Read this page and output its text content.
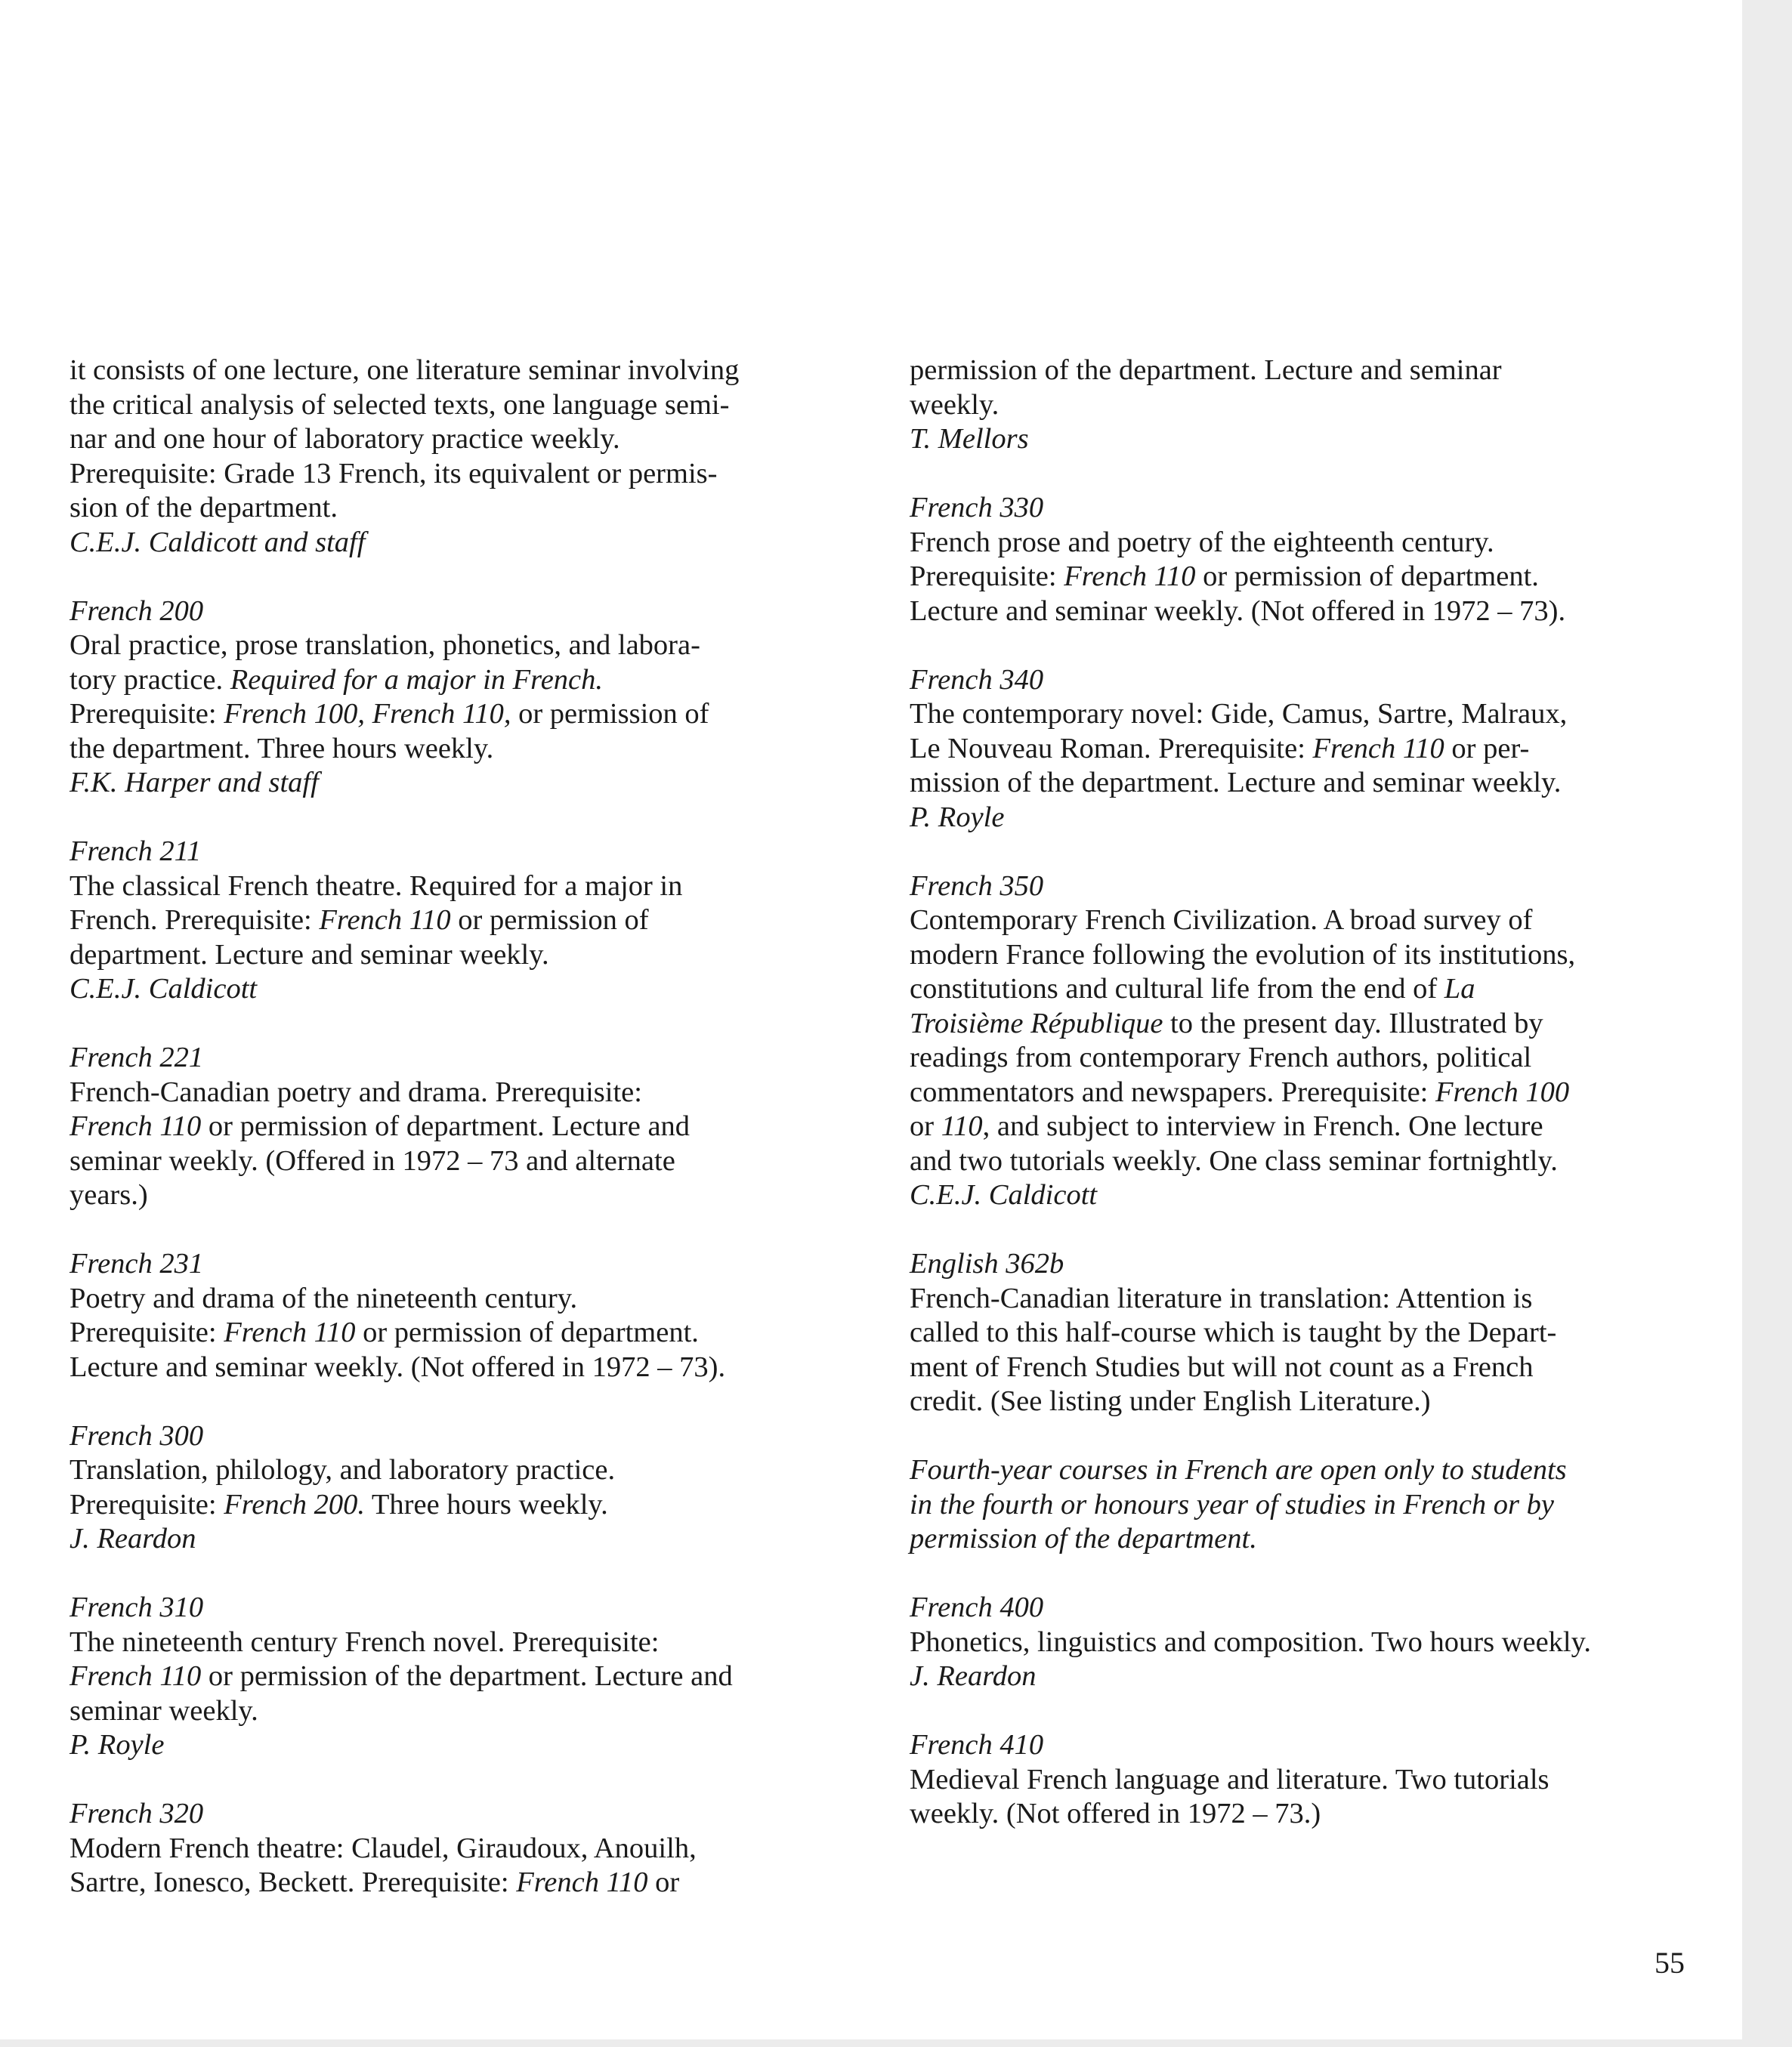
it consists of one lecture, one literature seminar involving
the critical analysis of selected texts, one language semi-
nar and one hour of laboratory practice weekly.
Prerequisite: Grade 13 French, its equivalent or permis-
sion of the department.
C.E.J. Caldicott and staff
French 200
Oral practice, prose translation, phonetics, and labora-
tory practice. Required for a major in French.
Prerequisite: French 100, French 110, or permission of
the department. Three hours weekly.
F.K. Harper and staff
French 211
The classical French theatre. Required for a major in
French. Prerequisite: French 110 or permission of
department. Lecture and seminar weekly.
C.E.J. Caldicott
French 221
French-Canadian poetry and drama. Prerequisite:
French 110 or permission of department. Lecture and
seminar weekly. (Offered in 1972 – 73 and alternate
years.)
French 231
Poetry and drama of the nineteenth century.
Prerequisite: French 110 or permission of department.
Lecture and seminar weekly. (Not offered in 1972 – 73).
French 300
Translation, philology, and laboratory practice.
Prerequisite: French 200. Three hours weekly.
J. Reardon
French 310
The nineteenth century French novel. Prerequisite:
French 110 or permission of the department. Lecture and
seminar weekly.
P. Royle
French 320
Modern French theatre: Claudel, Giraudoux, Anouilh,
Sartre, Ionesco, Beckett. Prerequisite: French 110 or
permission of the department. Lecture and seminar
weekly.
T. Mellors
French 330
French prose and poetry of the eighteenth century.
Prerequisite: French 110 or permission of department.
Lecture and seminar weekly. (Not offered in 1972 – 73).
French 340
The contemporary novel: Gide, Camus, Sartre, Malraux,
Le Nouveau Roman. Prerequisite: French 110 or per-
mission of the department. Lecture and seminar weekly.
P. Royle
French 350
Contemporary French Civilization. A broad survey of
modern France following the evolution of its institutions,
constitutions and cultural life from the end of La
Troisième République to the present day. Illustrated by
readings from contemporary French authors, political
commentators and newspapers. Prerequisite: French 100
or 110, and subject to interview in French. One lecture
and two tutorials weekly. One class seminar fortnightly.
C.E.J. Caldicott
English 362b
French-Canadian literature in translation: Attention is
called to this half-course which is taught by the Depart-
ment of French Studies but will not count as a French
credit. (See listing under English Literature.)
Fourth-year courses in French are open only to students
in the fourth or honours year of studies in French or by
permission of the department.
French 400
Phonetics, linguistics and composition. Two hours weekly.
J. Reardon
French 410
Medieval French language and literature. Two tutorials
weekly. (Not offered in 1972 – 73.)
55
